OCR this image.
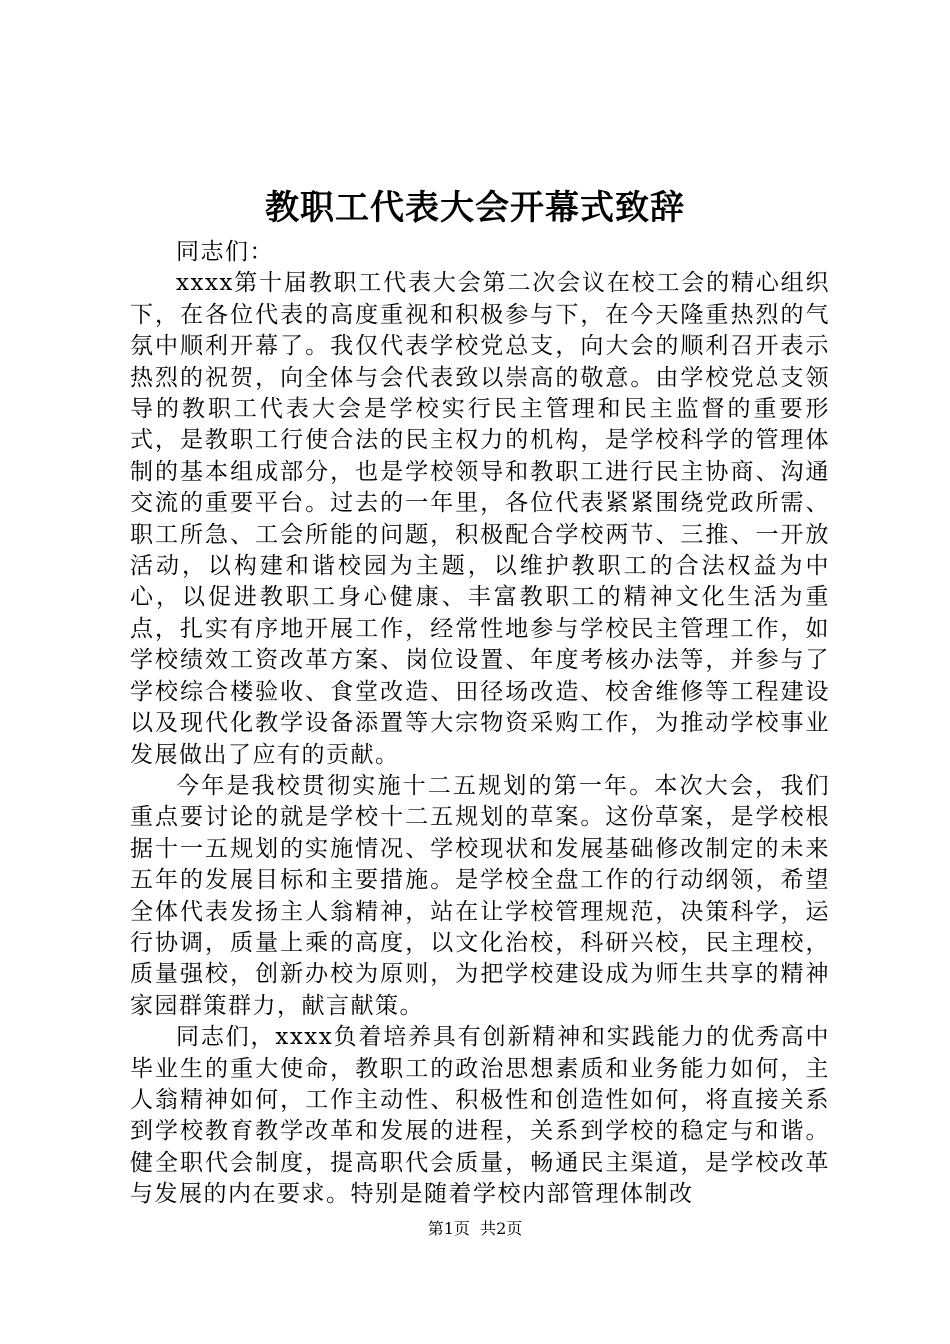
教职工代表大会开幕式致辞

同志们：

xxxx第十届教职工代表大会第二次会议在校工会的精心组织下，在各位代表的高度重视和积极参与下，在今天隆重热烈的气氛中顺利开幕了。我仅代表学校党总支，向大会的顺利召开表示热烈的祝贺，向全体与会代表致以崇高的敬意。由学校党总支领导的教职工代表大会是学校实行民主管理和民主监督的重要形式，是教职工行使合法的民主权力的机构，是学校科学的管理体制的基本组成部分，也是学校领导和教职工进行民主协商、沟通交流的重要平台。过去的一年里，各位代表紧紧围绕党政所需、职工所急、工会所能的问题，积极配合学校两节、三推、一开放活动，以构建和谐校园为主题，以维护教职工的合法权益为中心，以促进教职工身心健康、丰富教职工的精神文化生活为重点，扎实有序地开展工作，经常性地参与学校民主管理工作，如学校绩效工资改革方案、岗位设置、年度考核办法等，并参与了学校综合楼验收、食堂改造、田径场改造、校舍维修等工程建设以及现代化教学设备添置等大宗物资采购工作，为推动学校事业发展做出了应有的贡献。

今年是我校贯彻实施十二五规划的第一年。本次大会，我们重点要讨论的就是学校十二五规划的草案。这份草案，是学校根据十一五规划的实施情况、学校现状和发展基础修改制定的未来五年的发展目标和主要措施。是学校全盘工作的行动纲领，希望全体代表发扬主人翁精神，站在让学校管理规范，决策科学，运行协调，质量上乘的高度，以文化治校，科研兴校，民主理校，质量强校，创新办校为原则，为把学校建设成为师生共享的精神家园群策群力，献言献策。

同志们，xxxx负着培养具有创新精神和实践能力的优秀高中毕业生的重大使命，教职工的政治思想素质和业务能力如何，主人翁精神如何，工作主动性、积极性和创造性如何，将直接关系到学校教育教学改革和发展的进程，关系到学校的稳定与和谐。健全职代会制度，提高职代会质量，畅通民主渠道，是学校改革与发展的内在要求。特别是随着学校内部管理体制改

第1页 共2页
